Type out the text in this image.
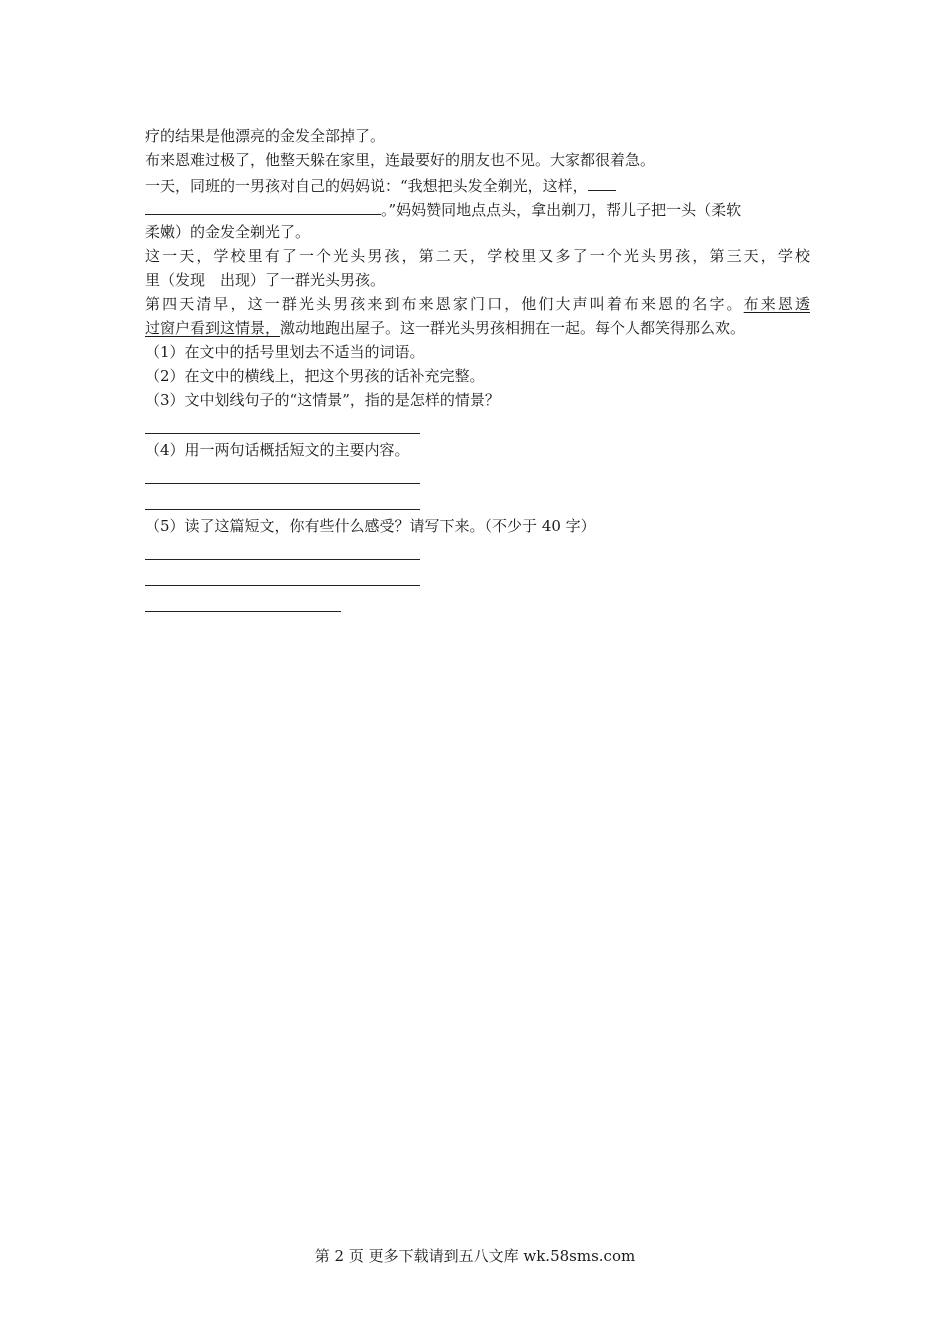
疗的结果是他漂亮的金发全部掉了。
布来恩难过极了，他整天躲在家里，连最要好的朋友也不见。大家都很着急。
一天，同班的一男孩对自己的妈妈说：“我想把头发全剃光，这样，
。”妈妈赞同地点点头，拿出剃刀，帮儿子把一头（柔软
柔嫩）的金发全剃光了。
这一天，学校里有了一个光头男孩，第二天，学校里又多了一个光头男孩，第三天，学校
里（发现　出现）了一群光头男孩。
第四天清早，这一群光头男孩来到布来恩家门口，他们大声叫着布来恩的名字。布来恩透
过窗户看到这情景，激动地跑出屋子。这一群光头男孩相拥在一起。每个人都笑得那么欢。
（1）在文中的括号里划去不适当的词语。
（2）在文中的横线上，把这个男孩的话补充完整。
（3）文中划线句子的“这情景”，指的是怎样的情景？
（4）用一两句话概括短文的主要内容。
（5）读了这篇短文，你有些什么感受？请写下来。（不少于 40 字）
第 2 页 更多下载请到五八文库 wk.58sms.com
